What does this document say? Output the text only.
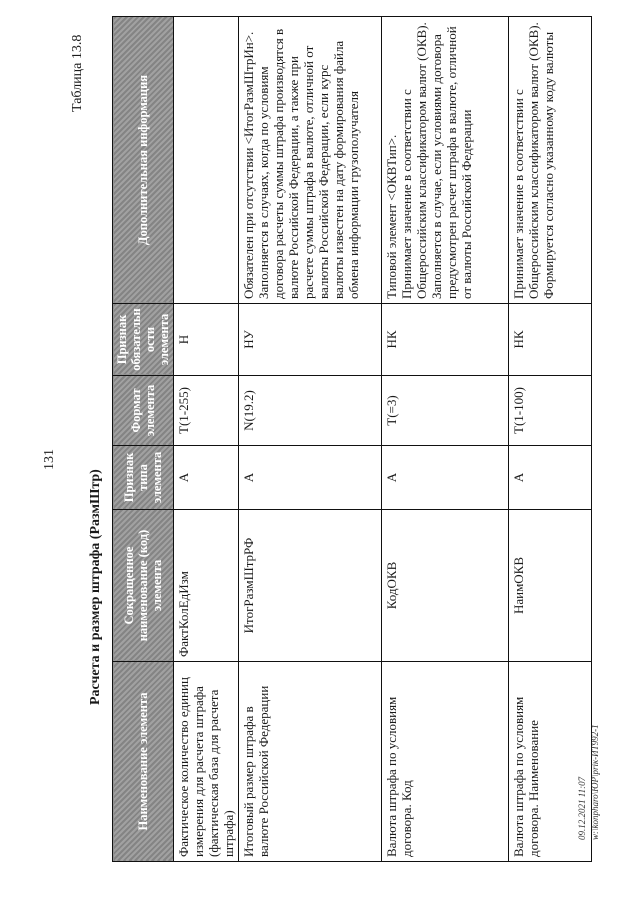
131
Таблица 13.8
Расчета и размер штрафа (РазмШтр)
Наименование элемента	Сокращенное наименование (код) элемента	Признак типа элемента	Формат элемента	Признак обязательности элемента	Дополнительная информация
Фактическое количество единиц измерения для расчета штрафа (фактическая база для расчета штрафа)	ФактКолЕдИзм	А	T(1-255)	Н	
Итоговый размер штрафа в валюте Российской Федерации	ИтогРазмШтрРФ	А	N(19.2)	НУ	Обязателен при отсутствии <ИтогРазмШтрИн>. Заполняется в случаях, когда по условиям договора расчеты суммы штрафа производятся в валюте Российской Федерации, а также при расчете суммы штрафа в валюте, отличной от валюты Российской Федерации, если курс валюты известен на дату формирования файла обмена информации грузополучателя

Валюта штрафа по условиям договора. Код	КодОКВ	А	T(=3)	НК	Типовой элемент <ОКВТип>. Принимает значение в соответствии с Общероссийским классификатором валют (ОКВ). Заполняется в случае, если условиями договора предусмотрен расчет штрафа в валюте, отличной от валюты Российской Федерации

Валюта штрафа по условиям договора. Наименование	НаимОКВ	А	T(1-100)	НК	Принимает значение в соответствии с Общероссийским классификатором валют (ОКВ). Формируется согласно указанному коду валюты
09.12.2021 11:07 w:\konpharo\ЮР\priк-ИТ992-1
